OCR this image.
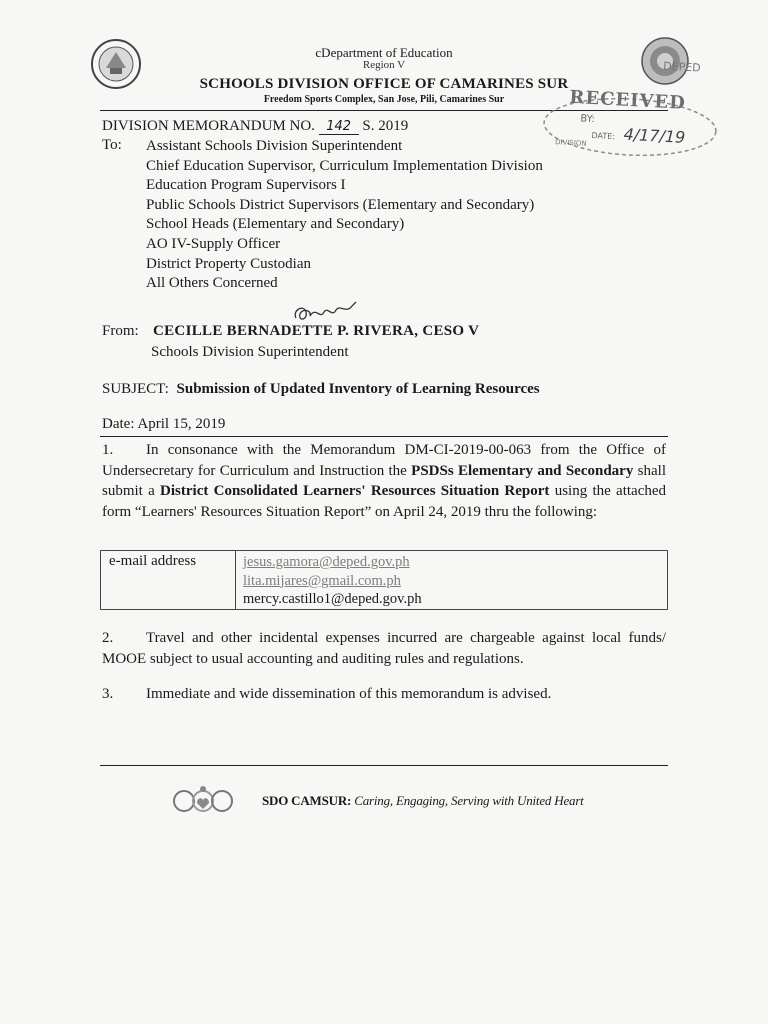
cDepartment of Education
Region V
SCHOOLS DIVISION OFFICE OF CAMARINES SUR
Freedom Sports Complex, San Jose, Pili, Camarines Sur
DEPED
RECEIVED
BY:
DATE: 4/17/19
DIVISION
DIVISION MEMORANDUM NO. 142 S. 2019
To: Assistant Schools Division Superintendent
Chief Education Supervisor, Curriculum Implementation Division
Education Program Supervisors I
Public Schools District Supervisors (Elementary and Secondary)
School Heads (Elementary and Secondary)
AO IV-Supply Officer
District Property Custodian
All Others Concerned
From: CECILLE BERNADETTE P. RIVERA, CESO V
Schools Division Superintendent
SUBJECT: Submission of Updated Inventory of Learning Resources
Date: April 15, 2019
1. In consonance with the Memorandum DM-CI-2019-00-063 from the Office of Undersecretary for Curriculum and Instruction the PSDSs Elementary and Secondary shall submit a District Consolidated Learners' Resources Situation Report using the attached form “Learners' Resources Situation Report” on April 24, 2019 thru the following:
e-mail address	jesus.gamora@deped.gov.ph
lita.mijares@gmail.com.ph
mercy.castillo1@deped.gov.ph
2. Travel and other incidental expenses incurred are chargeable against local funds/ MOOE subject to usual accounting and auditing rules and regulations.
3. Immediate and wide dissemination of this memorandum is advised.
SDO CAMSUR: Caring, Engaging, Serving with United Heart
